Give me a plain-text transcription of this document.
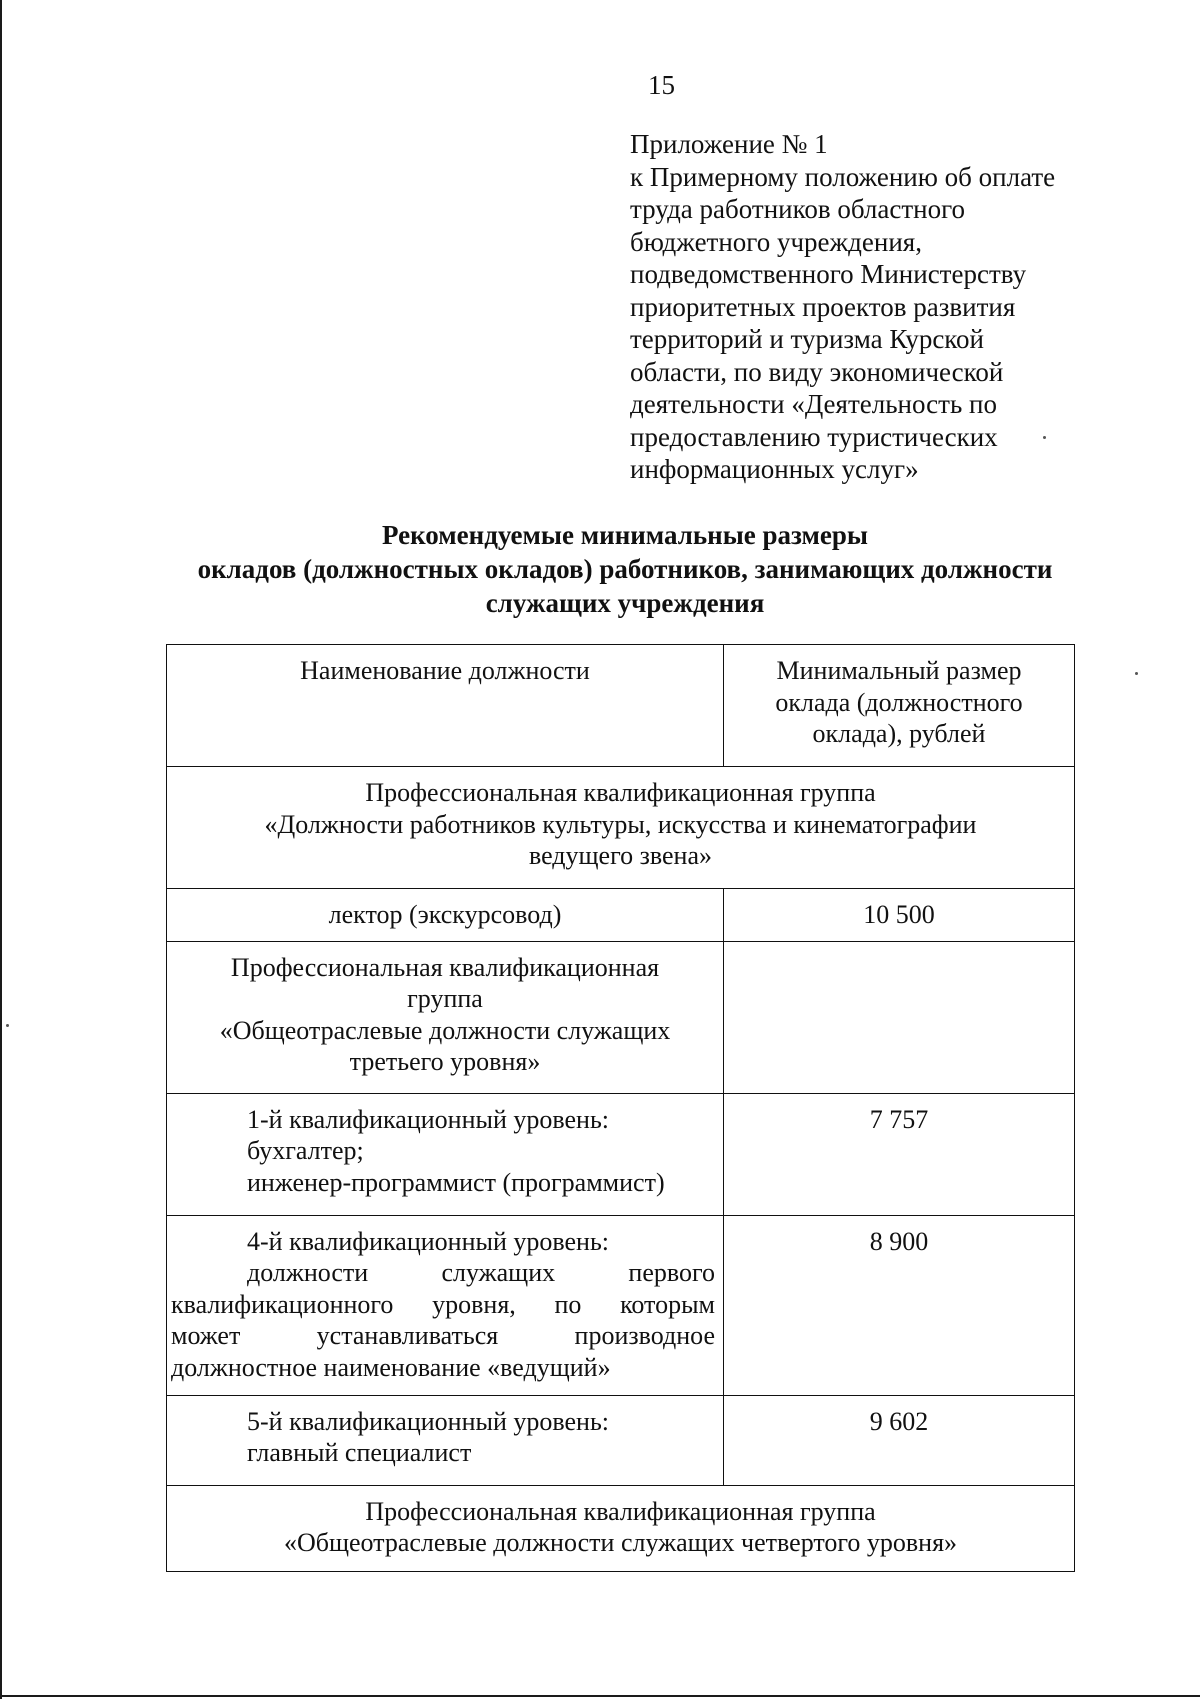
15
Приложение № 1
к Примерному положению об оплате
труда работников областного
бюджетного учреждения,
подведомственного Министерству
приоритетных проектов развития
территорий и туризма Курской
области, по виду экономической
деятельности «Деятельность по
предоставлению туристических
информационных услуг»
Рекомендуемые минимальные размеры
окладов (должностных окладов) работников, занимающих должности
служащих учреждения
Наименование должности	Минимальный размер
оклада (должностного
оклада), рублей

Профессиональная квалификационная группа
«Должности работников культуры, искусства и кинематографии
ведущего звена»	

лектор (экскурсовод)	10 500

Профессиональная квалификационная
группа
«Общеотраслевые должности служащих
третьего уровня»	

1-й квалификационный уровень:
бухгалтер;
инженер-программист (программист)	7 757

4-й квалификационный уровень:
должности служащих первого
квалификационного уровня, по которым
может устанавливаться производное
должностное наименование «ведущий»	8 900

5-й квалификационный уровень:
главный специалист	9 602

Профессиональная квалификационная группа
«Общеотраслевые должности служащих четвертого уровня»	
